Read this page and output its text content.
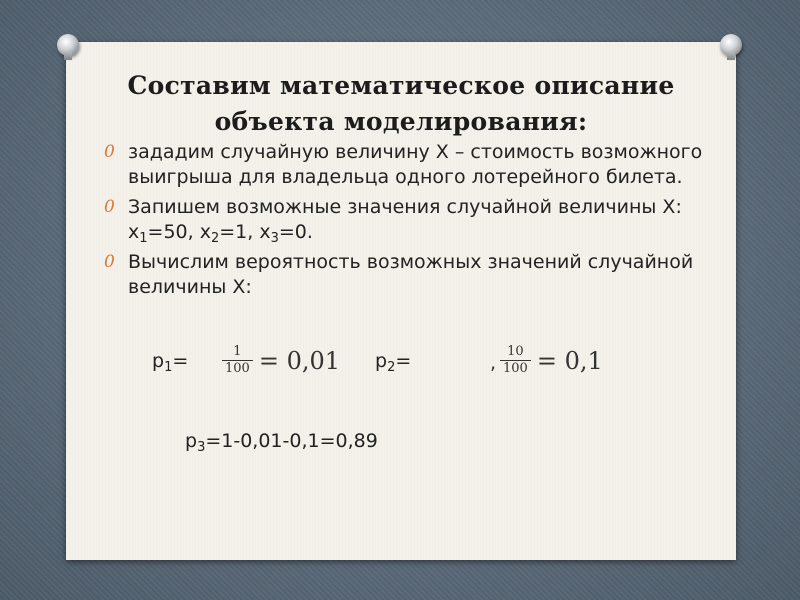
Составим математическое описание
объекта моделирования:
0 зададим случайную величину Х – стоимость возможного выигрыша для владельца одного лотерейного билета.
0 Запишем возможные значения случайной величины Х: $x_1=50$, $x_2=1$, $x_3=0$.
0 Вычислим вероятность возможных значений случайной величины Х:
$p_1=$	$\frac{1}{100} = 0,01$ $p_2=$	, $\frac{10}{100} = 0,1$
$p_3=1-0,01-0,1=0,89$
